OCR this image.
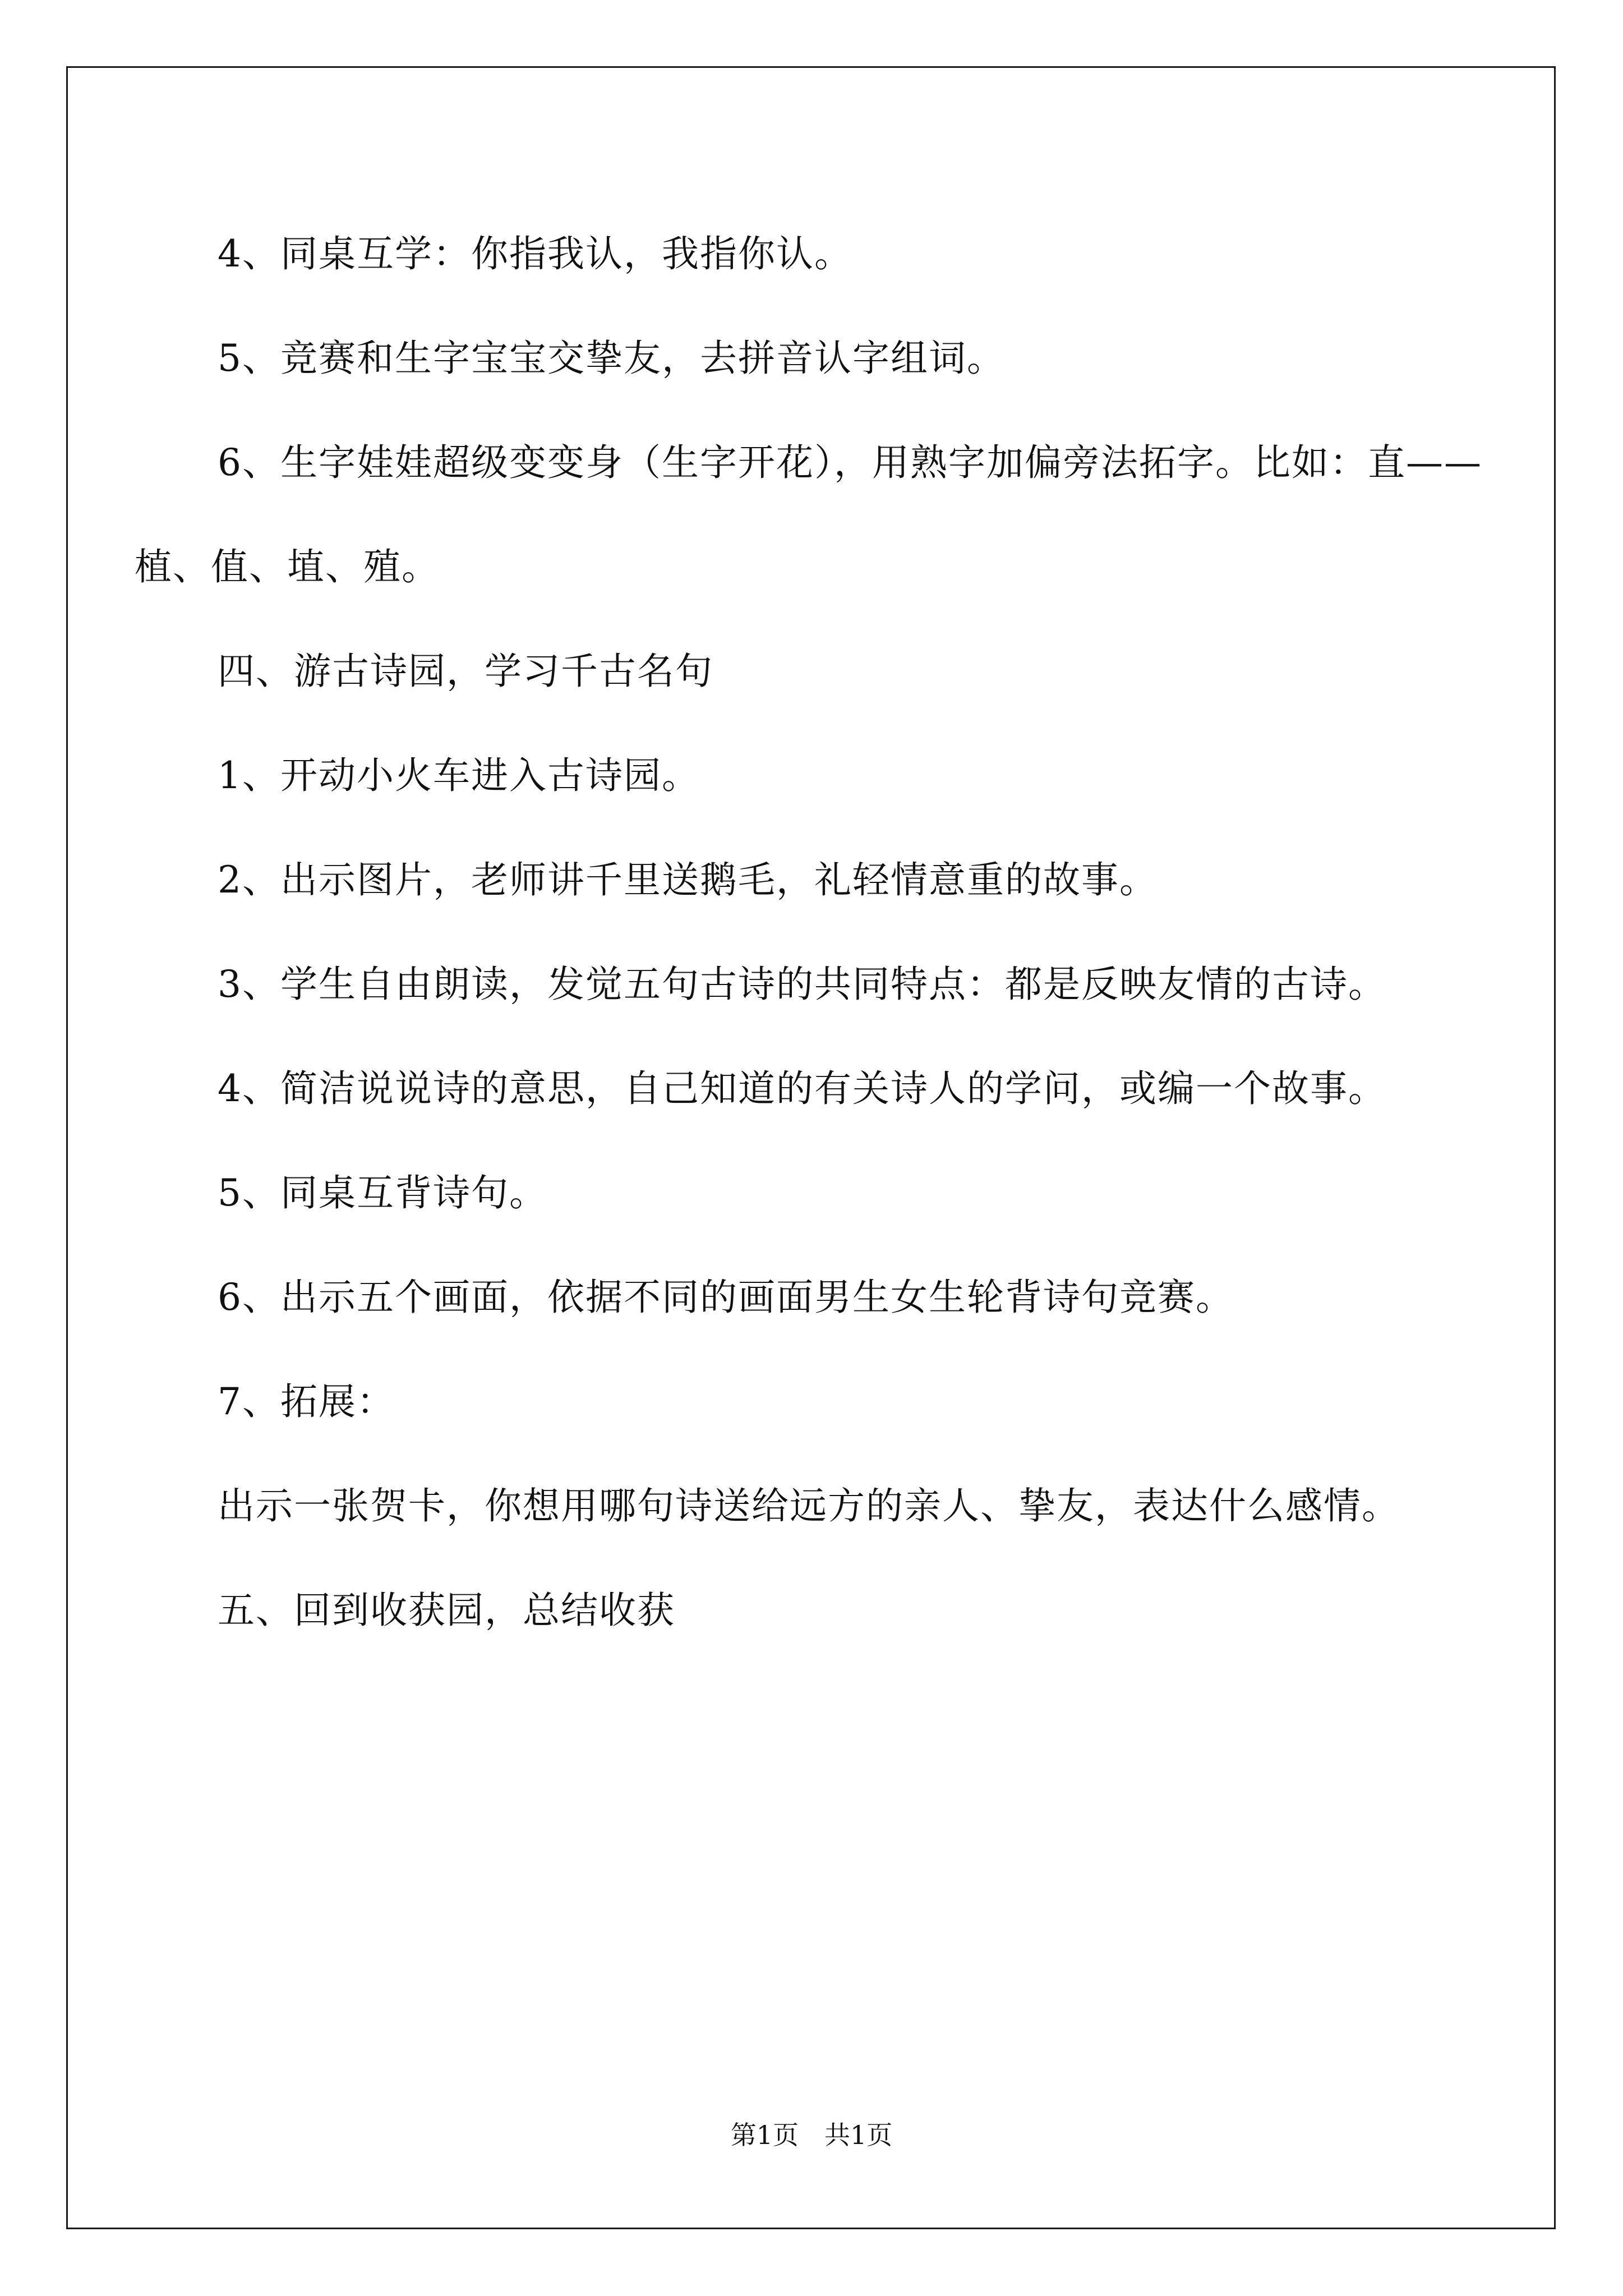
4、同桌互学：你指我认，我指你认。

5、竞赛和生字宝宝交挚友，去拼音认字组词。

6、生字娃娃超级变变身（生字开花），用熟字加偏旁法拓字。比如：直——植、值、埴、殖。

四、游古诗园，学习千古名句

1、开动小火车进入古诗园。

2、出示图片，老师讲千里送鹅毛，礼轻情意重的故事。

3、学生自由朗读，发觉五句古诗的共同特点：都是反映友情的古诗。

4、简洁说说诗的意思，自己知道的有关诗人的学问，或编一个故事。

5、同桌互背诗句。

6、出示五个画面，依据不同的画面男生女生轮背诗句竞赛。

7、拓展：

出示一张贺卡，你想用哪句诗送给远方的亲人、挚友，表达什么感情。

五、回到收获园，总结收获

第1页　共1页
